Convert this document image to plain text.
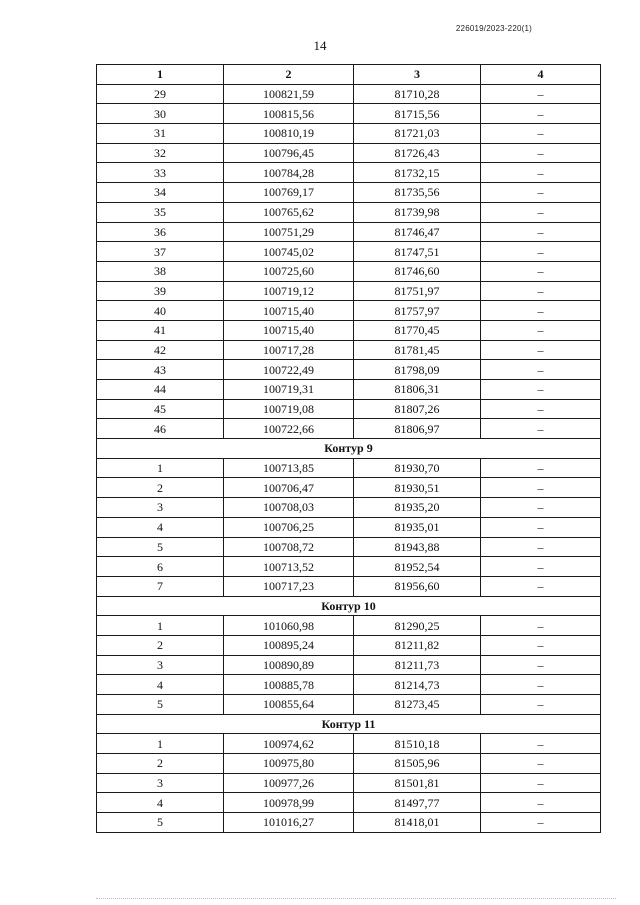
226019/2023-220(1)
14
1	2	3	4
29	100821,59	81710,28	–
30	100815,56	81715,56	–
31	100810,19	81721,03	–
32	100796,45	81726,43	–
33	100784,28	81732,15	–
34	100769,17	81735,56	–
35	100765,62	81739,98	–
36	100751,29	81746,47	–
37	100745,02	81747,51	–
38	100725,60	81746,60	–
39	100719,12	81751,97	–
40	100715,40	81757,97	–
41	100715,40	81770,45	–
42	100717,28	81781,45	–
43	100722,49	81798,09	–
44	100719,31	81806,31	–
45	100719,08	81807,26	–
46	100722,66	81806,97	–
Контур 9			
1	100713,85	81930,70	–
2	100706,47	81930,51	–
3	100708,03	81935,20	–
4	100706,25	81935,01	–
5	100708,72	81943,88	–
6	100713,52	81952,54	–
7	100717,23	81956,60	–
Контур 10			
1	101060,98	81290,25	–
2	100895,24	81211,82	–
3	100890,89	81211,73	–
4	100885,78	81214,73	–
5	100855,64	81273,45	–
Контур 11			
1	100974,62	81510,18	–
2	100975,80	81505,96	–
3	100977,26	81501,81	–
4	100978,99	81497,77	–
5	101016,27	81418,01	–
